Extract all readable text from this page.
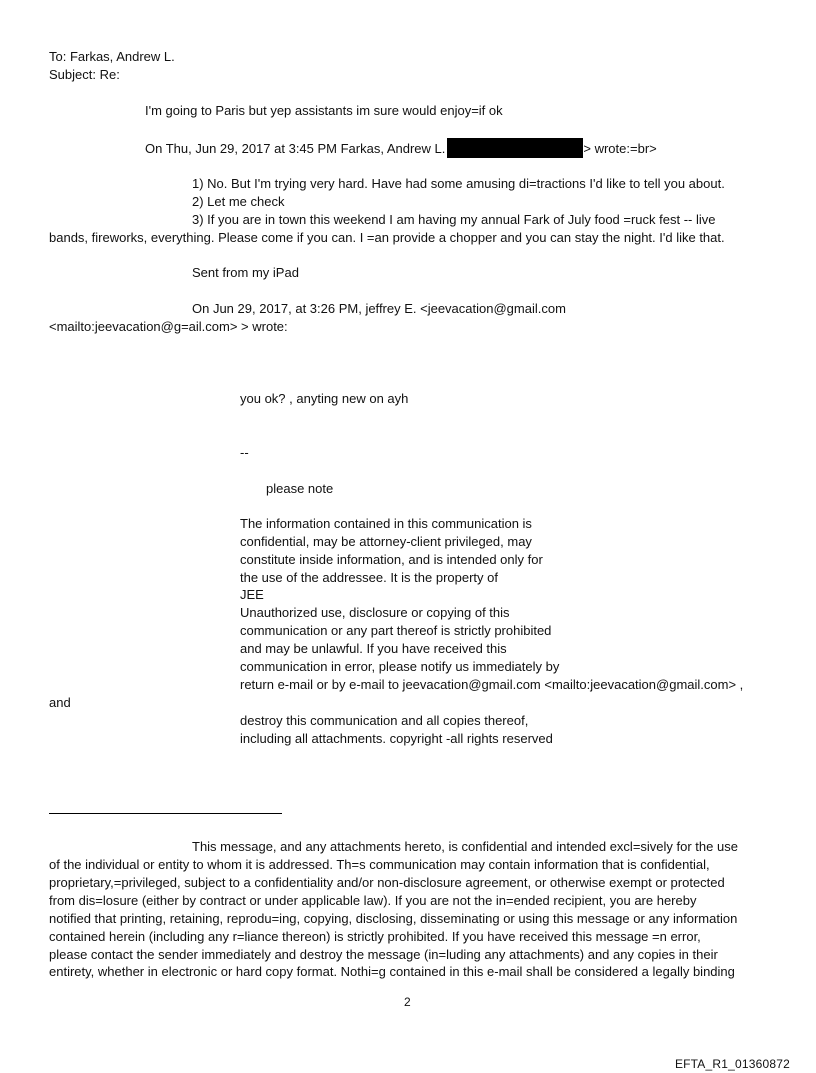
To: Farkas, Andrew L.
Subject: Re:
I'm going to Paris but yep assistants im sure would enjoy=if ok
On Thu, Jun 29, 2017 at 3:45 PM Farkas, Andrew L.	> wrote:=br>
1) No. But I'm trying very hard. Have had some amusing di=tractions I'd like to tell you about.
2) Let me check
3) If you are in town this weekend I am having my annual Fark of July food =ruck fest -- live
bands, fireworks, everything. Please come if you can. I =an provide a chopper and you can stay the night. I'd like that.
Sent from my iPad
On Jun 29, 2017, at 3:26 PM, jeffrey E. <jeevacation@gmail.com
<mailto:jeevacation@g=ail.com> > wrote:
you ok? , anyting new on ayh
--
please note
The information contained in this communication is
confidential, may be attorney-client privileged, may
constitute inside information, and is intended only for
the use of the addressee. It is the property of
JEE
Unauthorized use, disclosure or copying of this
communication or any part thereof is strictly prohibited
and may be unlawful. If you have received this
communication in error, please notify us immediately by
return e-mail or by e-mail to jeevacation@gmail.com <mailto:jeevacation@gmail.com> ,
and
destroy this communication and all copies thereof,
including all attachments. copyright -all rights reserved
This message, and any attachments hereto, is confidential and intended excl=sively for the use
of the individual or entity to whom it is addressed. Th=s communication may contain information that is confidential,
proprietary,=privileged, subject to a confidentiality and/or non-disclosure agreement, or otherwise exempt or protected
from dis=losure (either by contract or under applicable law). If you are not the in=ended recipient, you are hereby
notified that printing, retaining, reprodu=ing, copying, disclosing, disseminating or using this message or any information
contained herein (including any r=liance thereon) is strictly prohibited. If you have received this message =n error,
please contact the sender immediately and destroy the message (in=luding any attachments) and any copies in their
entirety, whether in electronic or hard copy format. Nothi=g contained in this e-mail shall be considered a legally binding
2
EFTA_R1_01360872
